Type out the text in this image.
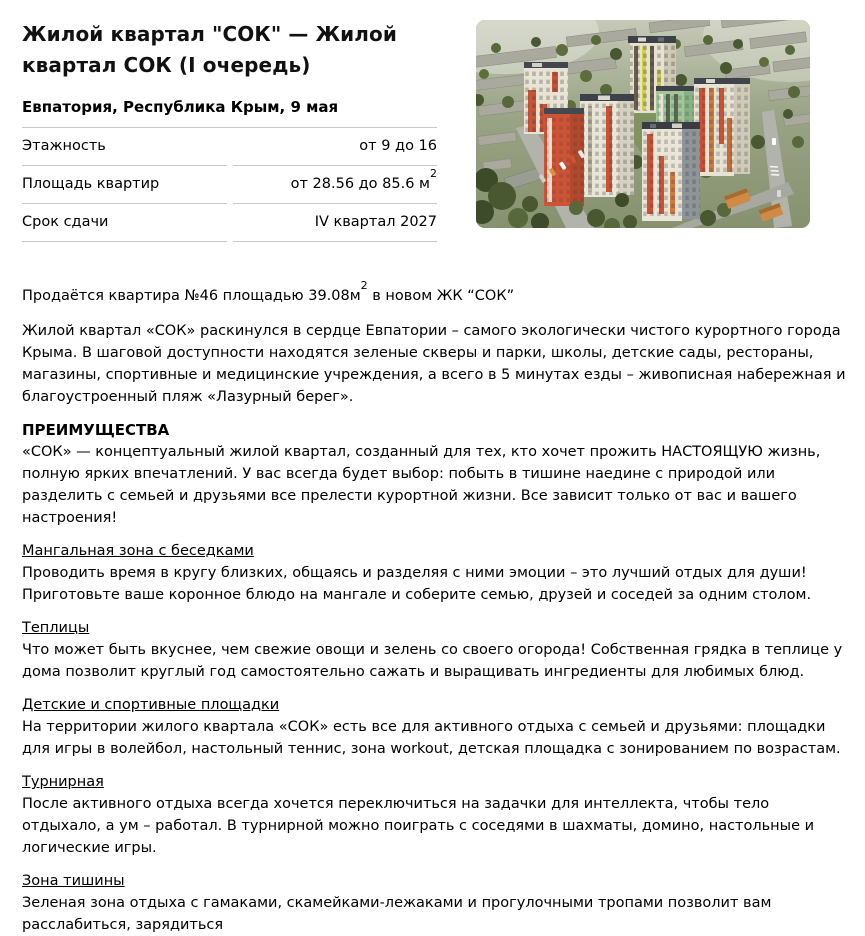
Жилой квартал "СОК" — Жилой квартал СОК (I очередь)
Евпатория, Республика Крым, 9 мая
Этажность	от 9 до 16
Площадь квартир	от 28.56 до 85.6 $м^2$
Срок сдачи	IV квартал 2027

Продаётся квартира №46 площадью $39.08м^2$ в новом ЖК “СОК”

Жилой квартал «СОК» раскинулся в сердце Евпатории – самого экологически чистого курортного города Крыма. В шаговой доступности находятся зеленые скверы и парки, школы, детские сады, рестораны, магазины, спортивные и медицинские учреждения, а всего в 5 минутах езды – живописная набережная и благоустроенный пляж «Лазурный берег».

ПРЕИМУЩЕСТВА

«СОК» — концептуальный жилой квартал, созданный для тех, кто хочет прожить НАСТОЯЩУЮ жизнь, полную ярких впечатлений. У вас всегда будет выбор: побыть в тишине наедине с природой или разделить с семьей и друзьями все прелести курортной жизни. Все зависит только от вас и вашего настроения!

Мангальная зона с беседками

Проводить время в кругу близких, общаясь и разделяя с ними эмоции – это лучший отдых для души! Приготовьте ваше коронное блюдо на мангале и соберите семью, друзей и соседей за одним столом.

Теплицы

Что может быть вкуснее, чем свежие овощи и зелень со своего огорода! Собственная грядка в теплице у дома позволит круглый год самостоятельно сажать и выращивать ингредиенты для любимых блюд.

Детские и спортивные площадки

На территории жилого квартала «СОК» есть все для активного отдыха с семьей и друзьями: площадки для игры в волейбол, настольный теннис, зона workout, детская площадка с зонированием по возрастам.

Турнирная

После активного отдыха всегда хочется переключиться на задачки для интеллекта, чтобы тело отдыхало, а ум – работал. В турнирной можно поиграть с соседями в шахматы, домино, настольные и логические игры.

Зона тишины

Зеленая зона отдыха с гамаками, скамейками-лежаками и прогулочными тропами позволит вам расслабиться, зарядиться
